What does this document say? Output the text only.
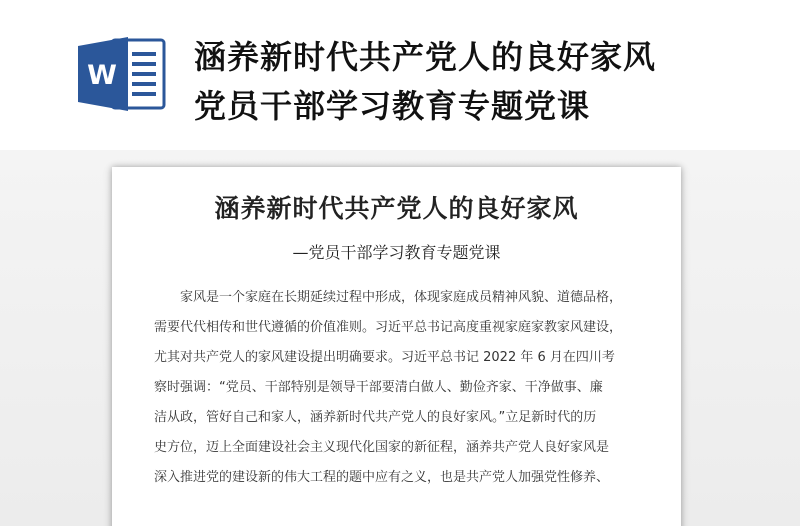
W 涵养新时代共产党人的良好家风
党员干部学习教育专题党课
涵养新时代共产党人的良好家风
—党员干部学习教育专题党课
家风是一个家庭在长期延续过程中形成，体现家庭成员精神风貌、道德品格，
需要代代相传和世代遵循的价值准则。习近平总书记高度重视家庭家教家风建设，
尤其对共产党人的家风建设提出明确要求。习近平总书记 2022 年 6 月在四川考
察时强调：“党员、干部特别是领导干部要清白做人、勤俭齐家、干净做事、廉
洁从政，管好自己和家人，涵养新时代共产党人的良好家风。”立足新时代的历
史方位，迈上全面建设社会主义现代化国家的新征程，涵养共产党人良好家风是
深入推进党的建设新的伟大工程的题中应有之义，也是共产党人加强党性修养、
